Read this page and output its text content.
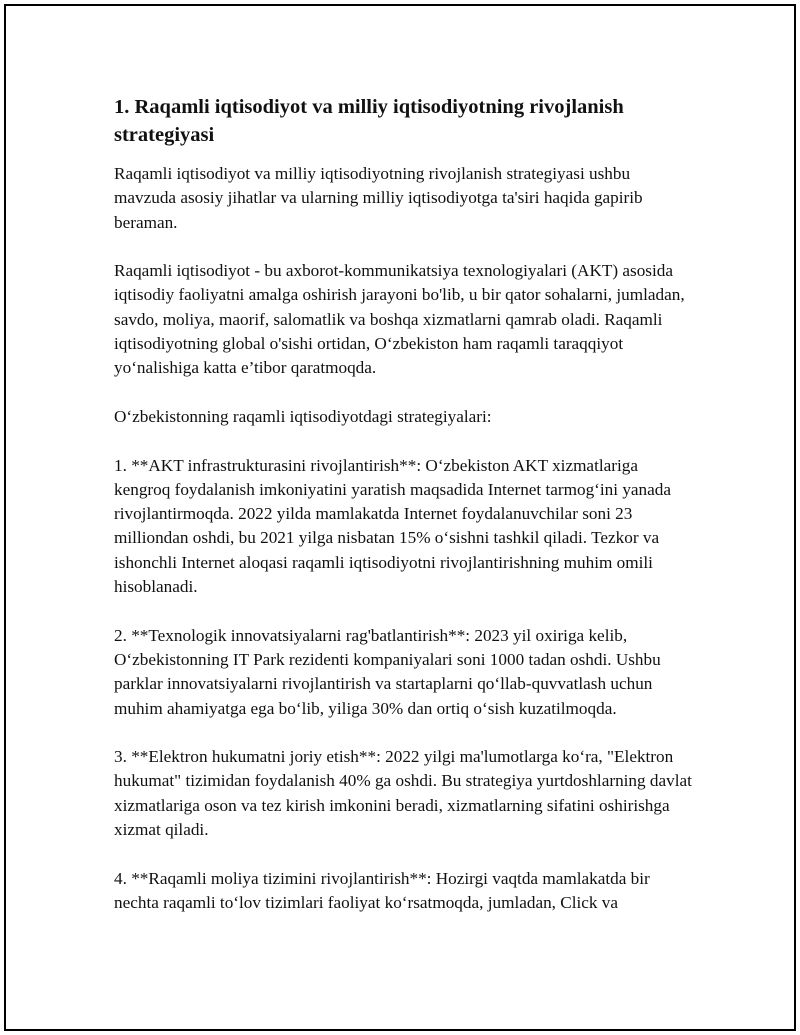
1. Raqamli iqtisodiyot va milliy iqtisodiyotning rivojlanish strategiyasi

Raqamli iqtisodiyot va milliy iqtisodiyotning rivojlanish strategiyasi ushbu mavzuda asosiy jihatlar va ularning milliy iqtisodiyotga ta'siri haqida gapirib beraman.

Raqamli iqtisodiyot - bu axborot-kommunikatsiya texnologiyalari (AKT) asosida iqtisodiy faoliyatni amalga oshirish jarayoni bo'lib, u bir qator sohalarni, jumladan, savdo, moliya, maorif, salomatlik va boshqa xizmatlarni qamrab oladi. Raqamli iqtisodiyotning global o'sishi ortidan, O‘zbekiston ham raqamli taraqqiyot yo‘nalishiga katta e’tibor qaratmoqda.

O‘zbekistonning raqamli iqtisodiyotdagi strategiyalari:

1. **AKT infrastrukturasini rivojlantirish**: O‘zbekiston AKT xizmatlariga kengroq foydalanish imkoniyatini yaratish maqsadida Internet tarmog‘ini yanada rivojlantirmoqda. 2022 yilda mamlakatda Internet foydalanuvchilar soni 23 milliondan oshdi, bu 2021 yilga nisbatan 15% o‘sishni tashkil qiladi. Tezkor va ishonchli Internet aloqasi raqamli iqtisodiyotni rivojlantirishning muhim omili hisoblanadi.

2. **Texnologik innovatsiyalarni rag'batlantirish**: 2023 yil oxiriga kelib, O‘zbekistonning IT Park rezidenti kompaniyalari soni 1000 tadan oshdi. Ushbu parklar innovatsiyalarni rivojlantirish va startaplarni qo‘llab-quvvatlash uchun muhim ahamiyatga ega bo‘lib, yiliga 30% dan ortiq o‘sish kuzatilmoqda.

3. **Elektron hukumatni joriy etish**: 2022 yilgi ma'lumotlarga ko‘ra, "Elektron hukumat" tizimidan foydalanish 40% ga oshdi. Bu strategiya yurtdoshlarning davlat xizmatlariga oson va tez kirish imkonini beradi, xizmatlarning sifatini oshirishga xizmat qiladi.

4. **Raqamli moliya tizimini rivojlantirish**: Hozirgi vaqtda mamlakatda bir nechta raqamli to‘lov tizimlari faoliyat ko‘rsatmoqda, jumladan, Click va
